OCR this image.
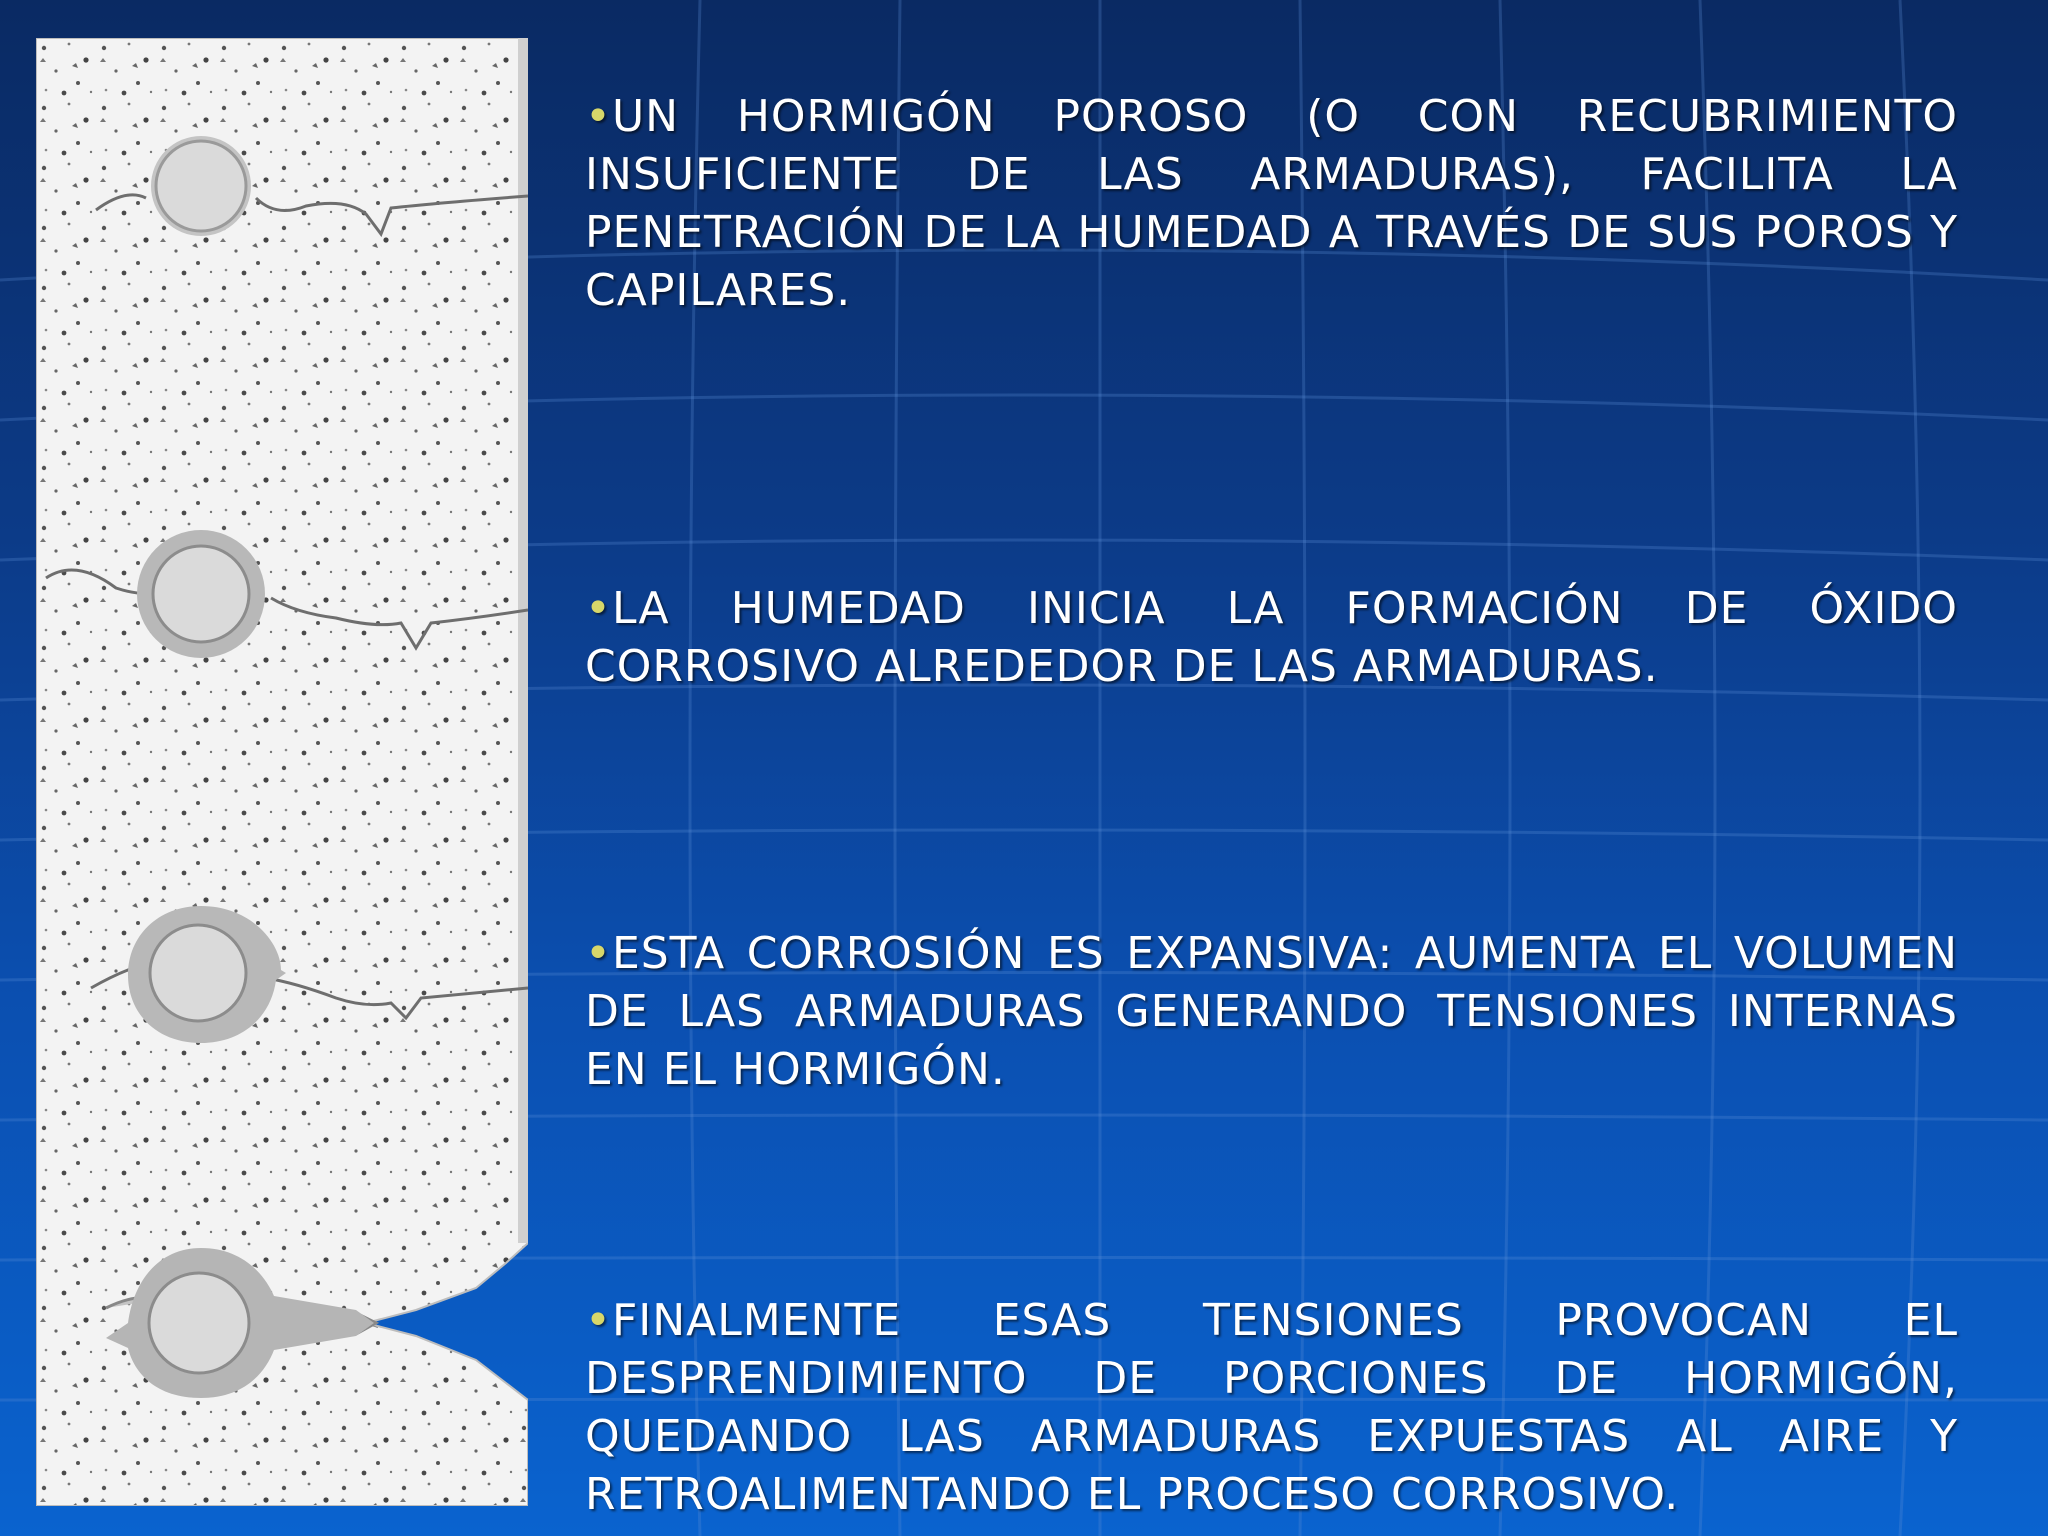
•UN HORMIGÓN POROSO (O CON RECUBRIMIENTO INSUFICIENTE DE LAS ARMADURAS), FACILITA LA PENETRACIÓN DE LA HUMEDAD A TRAVÉS DE SUS POROS Y CAPILARES.
•LA HUMEDAD INICIA LA FORMACIÓN DE ÓXIDO CORROSIVO ALREDEDOR DE LAS ARMADURAS.
•ESTA CORROSIÓN ES EXPANSIVA: AUMENTA EL VOLUMEN DE LAS ARMADURAS GENERANDO TENSIONES INTERNAS EN EL HORMIGÓN.
•FINALMENTE ESAS TENSIONES PROVOCAN EL DESPRENDIMIENTO DE PORCIONES DE HORMIGÓN, QUEDANDO LAS ARMADURAS EXPUESTAS AL AIRE Y RETROALIMENTANDO EL PROCESO CORROSIVO.
